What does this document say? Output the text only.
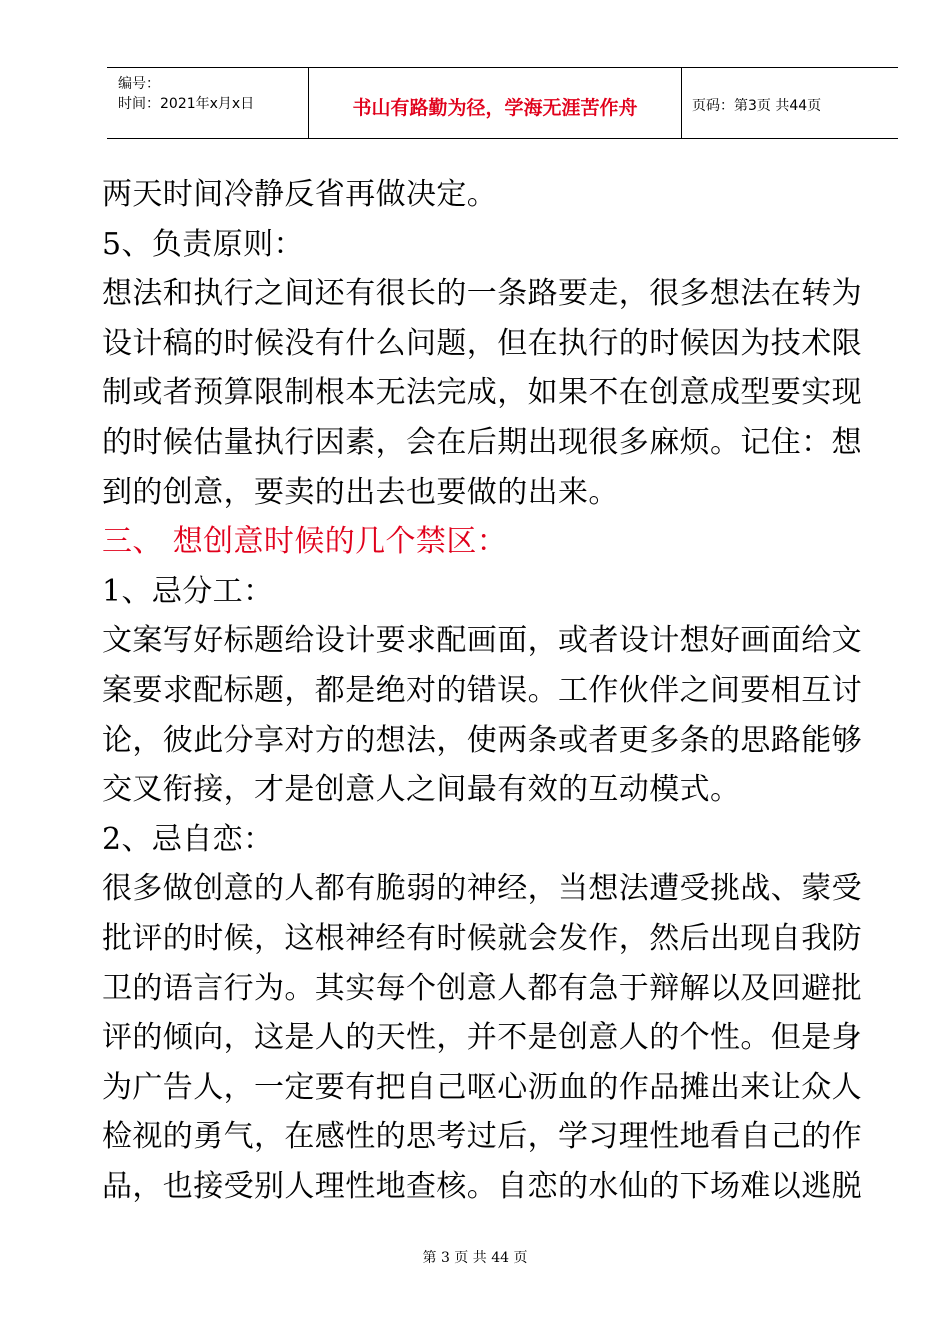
编号：
时间：2021年x月x日	书山有路勤为径，学海无涯苦作舟	页码：第3页 共44页
两天时间冷静反省再做决定。
5、负责原则：
想法和执行之间还有很长的一条路要走，很多想法在转为
设计稿的时候没有什么问题，但在执行的时候因为技术限
制或者预算限制根本无法完成，如果不在创意成型要实现
的时候估量执行因素，会在后期出现很多麻烦。记住：想
到的创意，要卖的出去也要做的出来。
三、 想创意时候的几个禁区：
1、忌分工：
文案写好标题给设计要求配画面，或者设计想好画面给文
案要求配标题，都是绝对的错误。工作伙伴之间要相互讨
论，彼此分享对方的想法，使两条或者更多条的思路能够
交叉衔接，才是创意人之间最有效的互动模式。
2、忌自恋：
很多做创意的人都有脆弱的神经，当想法遭受挑战、蒙受
批评的时候，这根神经有时候就会发作，然后出现自我防
卫的语言行为。其实每个创意人都有急于辩解以及回避批
评的倾向，这是人的天性，并不是创意人的个性。但是身
为广告人，一定要有把自己呕心沥血的作品摊出来让众人
检视的勇气，在感性的思考过后，学习理性地看自己的作
品，也接受别人理性地查核。自恋的水仙的下场难以逃脱
第 3 页 共 44 页
